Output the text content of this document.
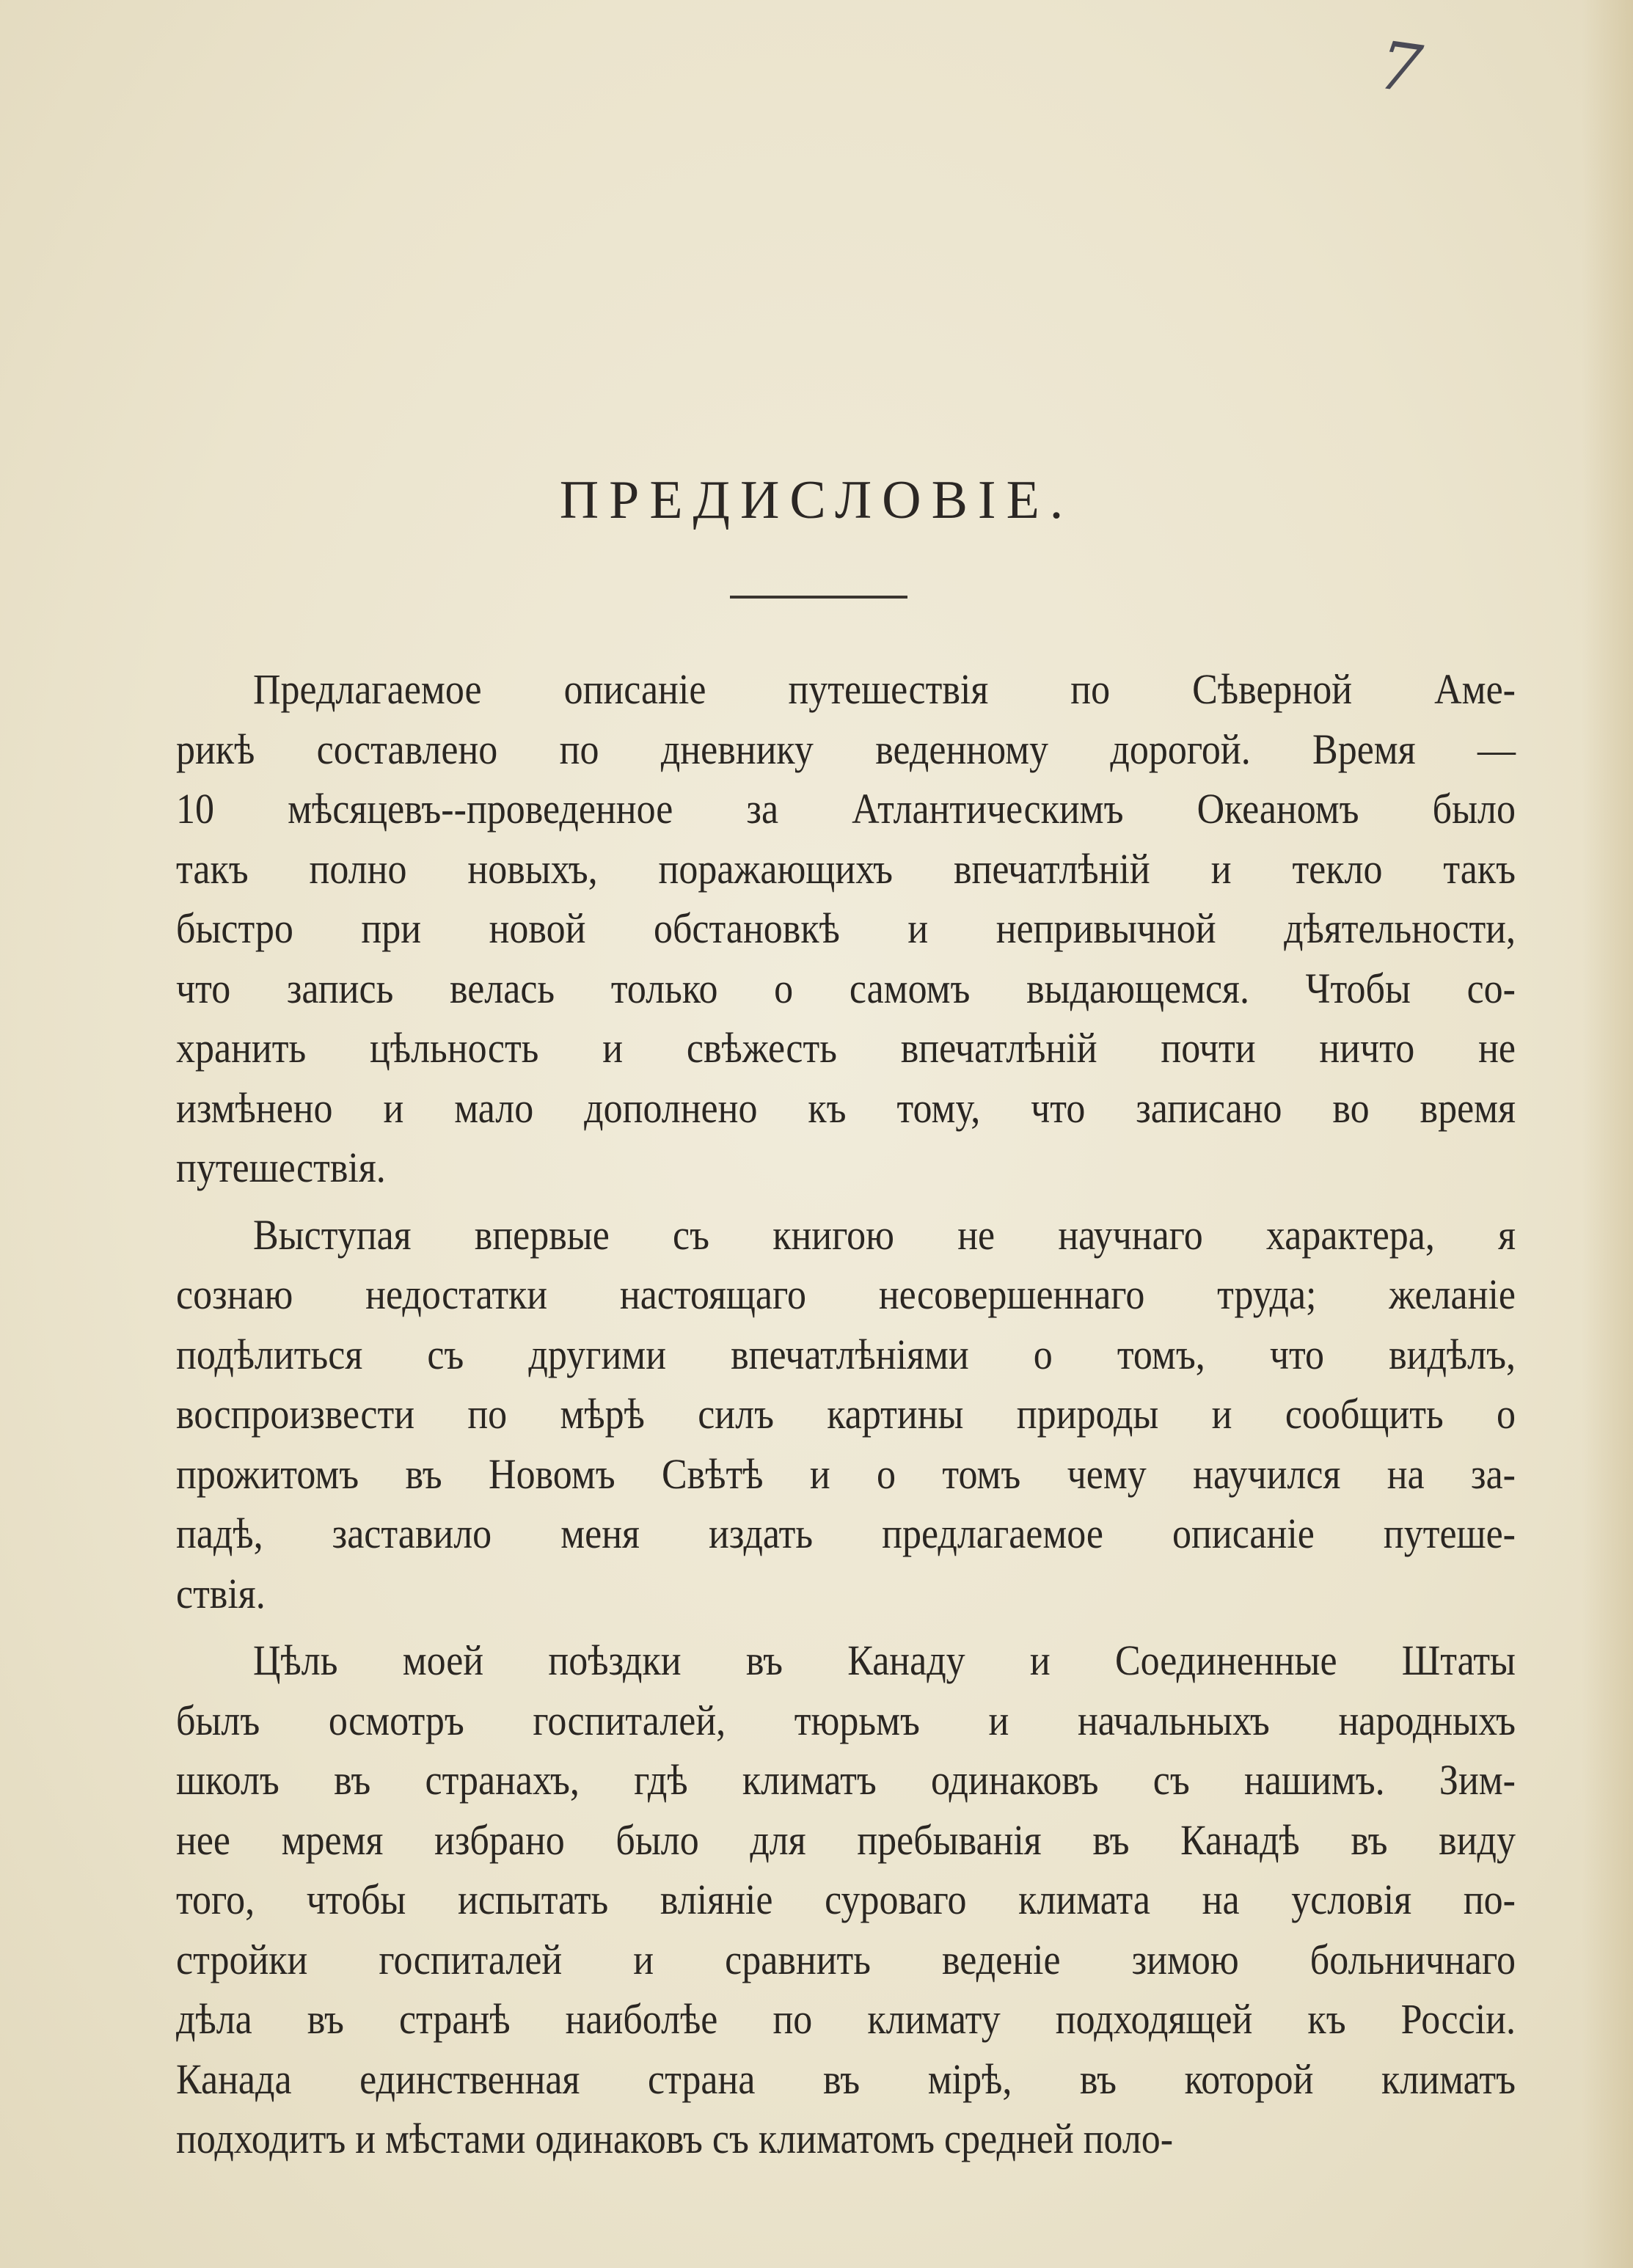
7
ПРЕДИСЛОВІЕ.
Предлагаемое описаніе путешествія по Сѣверной Аме-
рикѣ составлено по дневнику веденному дорогой. Время —
10 мѣсяцевъ--проведенное за Атлантическимъ Океаномъ было
такъ полно новыхъ, поражающихъ впечатлѣній и текло такъ
быстро при новой обстановкѣ и непривычной дѣятельности,
что запись велась только о самомъ выдающемся. Чтобы со-
хранить цѣльность и свѣжесть впечатлѣній почти ничто не
измѣнено и мало дополнено къ тому, что записано во время
путешествія.
Выступая впервые съ книгою не научнаго характера, я
сознаю недостатки настоящаго несовершеннаго труда; желаніе
подѣлиться съ другими впечатлѣніями о томъ, что видѣлъ,
воспроизвести по мѣрѣ силъ картины природы и сообщить о
прожитомъ въ Новомъ Свѣтѣ и о томъ чему научился на за-
падѣ, заставило меня издать предлагаемое описаніе путеше-
ствія.
Цѣль моей поѣздки въ Канаду и Соединенные Штаты
былъ осмотръ госпиталей, тюрьмъ и начальныхъ народныхъ
школъ въ странахъ, гдѣ климатъ одинаковъ съ нашимъ. Зим-
нее мремя избрано было для пребыванія въ Канадѣ въ виду
того, чтобы испытать вліяніе суроваго климата на условія по-
стройки госпиталей и сравнить веденіе зимою больничнаго
дѣла въ странѣ наиболѣе по климату подходящей къ Россіи.
Канада единственная страна въ мірѣ, въ которой климатъ
подходитъ и мѣстами одинаковъ съ климатомъ средней поло-
